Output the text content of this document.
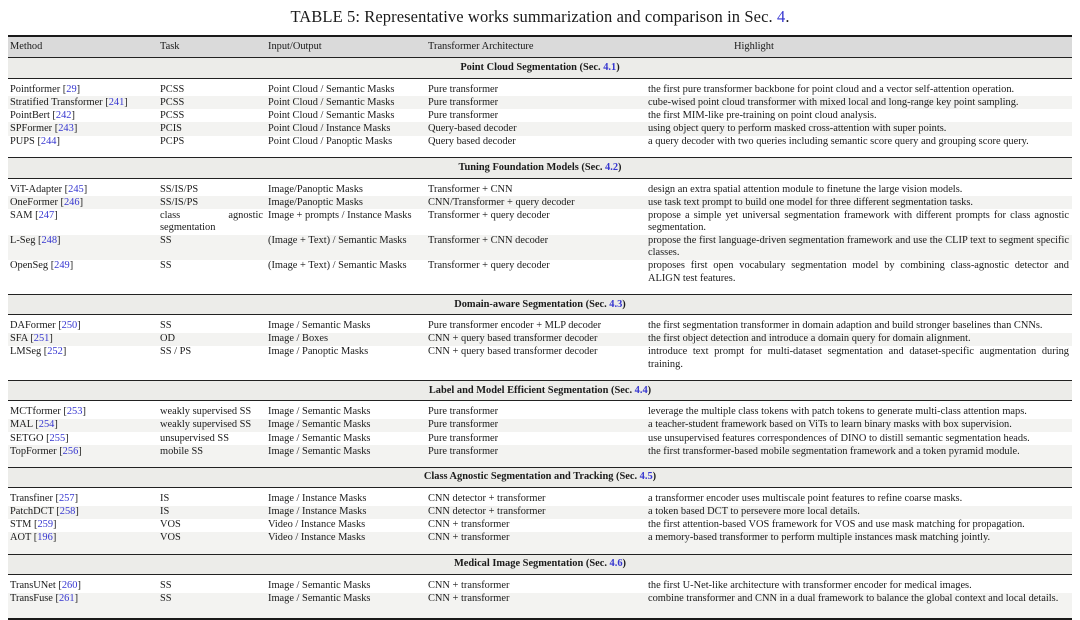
TABLE 5: Representative works summarization and comparison in Sec. 4.
Method	Task	Input/Output	Transformer Architecture	Highlight
Point Cloud Segmentation (Sec. 4.1)				
Pointformer [29]	PCSS	Point Cloud / Semantic Masks	Pure transformer	the first pure transformer backbone for point cloud and a vector self-attention operation.
Stratified Transformer [241]	PCSS	Point Cloud / Semantic Masks	Pure transformer	cube-wised point cloud transformer with mixed local and long-range key point sampling.
PointBert [242]	PCSS	Point Cloud / Semantic Masks	Pure transformer	the first MIM-like pre-training on point cloud analysis.
SPFormer [243]	PCIS	Point Cloud / Instance Masks	Query-based decoder	using object query to perform masked cross-attention with super points.
PUPS [244]	PCPS	Point Cloud / Panoptic Masks	Query based decoder	a query decoder with two queries including semantic score query and grouping score query.
Tuning Foundation Models (Sec. 4.2)				
ViT-Adapter [245]	SS/IS/PS	Image/Panoptic Masks	Transformer + CNN	design an extra spatial attention module to finetune the large vision models.
OneFormer [246]	SS/IS/PS	Image/Panoptic Masks	CNN/Transformer + query decoder	use task text prompt to build one model for three different segmentation tasks.
SAM [247]	class agnostic segmentation	Image + prompts / Instance Masks	Transformer + query decoder	propose a simple yet universal segmentation framework with different prompts for class agnostic segmentation.
L-Seg [248]	SS	(Image + Text) / Semantic Masks	Transformer + CNN decoder	propose the first language-driven segmentation framework and use the CLIP text to segment specific classes.
OpenSeg [249]	SS	(Image + Text) / Semantic Masks	Transformer + query decoder	proposes first open vocabulary segmentation model by combining class-agnostic detector and ALIGN test features.
Domain-aware Segmentation (Sec. 4.3)				
DAFormer [250]	SS	Image / Semantic Masks	Pure transformer encoder + MLP decoder	the first segmentation transformer in domain adaption and build stronger baselines than CNNs.
SFA [251]	OD	Image / Boxes	CNN + query based transformer decoder	the first object detection and introduce a domain query for domain alignment.
LMSeg [252]	SS / PS	Image / Panoptic Masks	CNN + query based transformer decoder	introduce text prompt for multi-dataset segmentation and dataset-specific augmentation during training.
Label and Model Efficient Segmentation (Sec. 4.4)				
MCTformer [253]	weakly supervised SS	Image / Semantic Masks	Pure transformer	leverage the multiple class tokens with patch tokens to generate multi-class attention maps.
MAL [254]	weakly supervised SS	Image / Semantic Masks	Pure transformer	a teacher-student framework based on ViTs to learn binary masks with box supervision.
SETGO [255]	unsupervised SS	Image / Semantic Masks	Pure transformer	use unsupervised features correspondences of DINO to distill semantic segmentation heads.
TopFormer [256]	mobile SS	Image / Semantic Masks	Pure transformer	the first transformer-based mobile segmentation framework and a token pyramid module.
Class Agnostic Segmentation and Tracking (Sec. 4.5)				
Transfiner [257]	IS	Image / Instance Masks	CNN detector + transformer	a transformer encoder uses multiscale point features to refine coarse masks.
PatchDCT [258]	IS	Image / Instance Masks	CNN detector + transformer	a token based DCT to persevere more local details.
STM [259]	VOS	Video / Instance Masks	CNN + transformer	the first attention-based VOS framework for VOS and use mask matching for propagation.
AOT [196]	VOS	Video / Instance Masks	CNN + transformer	a memory-based transformer to perform multiple instances mask matching jointly.
Medical Image Segmentation (Sec. 4.6)				
TransUNet [260]	SS	Image / Semantic Masks	CNN + transformer	the first U-Net-like architecture with transformer encoder for medical images.
TransFuse [261]	SS	Image / Semantic Masks	CNN + transformer	combine transformer and CNN in a dual framework to balance the global context and local details.
